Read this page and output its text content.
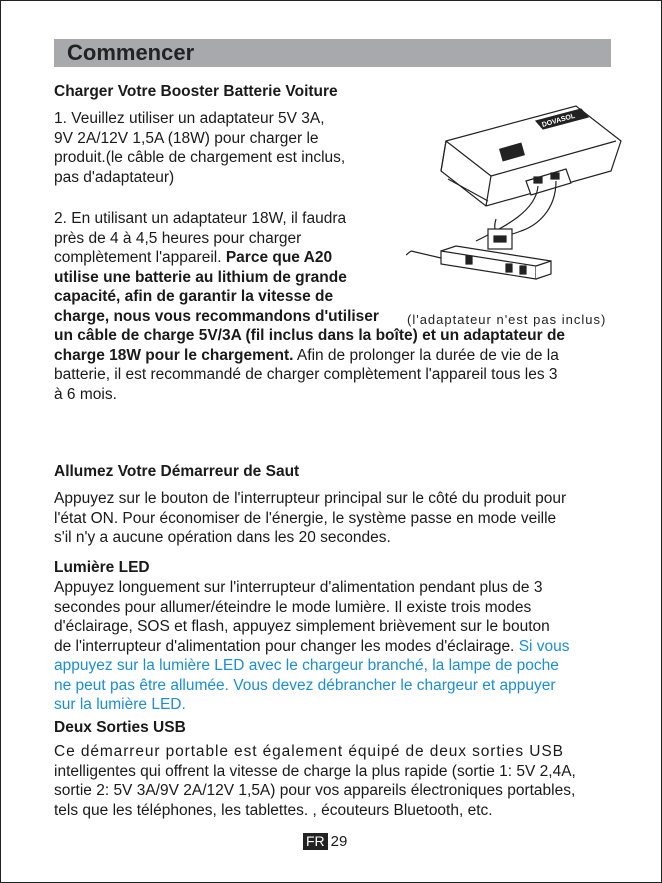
Commencer
Charger Votre Booster Batterie Voiture
1. Veuillez utiliser un adaptateur 5V 3A,
9V 2A/12V 1,5A (18W) pour charger le
produit.(le câble de chargement est inclus,
pas d'adaptateur)
2. En utilisant un adaptateur 18W, il faudra
près de 4 à 4,5 heures pour charger
complètement l'appareil. Parce que A20
utilise une batterie au lithium de grande
capacité, afin de garantir la vitesse de
charge, nous vous recommandons d'utiliser
un câble de charge 5V/3A (fil inclus dans la boîte) et un adaptateur de
charge 18W pour le chargement. Afin de prolonger la durée de vie de la
batterie, il est recommandé de charger complètement l'appareil tous les 3
à 6 mois.
DOVASOL
(l'adaptateur n'est pas inclus)
Allumez Votre Démarreur de Saut
Appuyez sur le bouton de l'interrupteur principal sur le côté du produit pour
l'état ON. Pour économiser de l'énergie, le système passe en mode veille
s'il n'y a aucune opération dans les 20 secondes.
Lumière LED
Appuyez longuement sur l'interrupteur d'alimentation pendant plus de 3
secondes pour allumer/éteindre le mode lumière. Il existe trois modes
d'éclairage, SOS et flash, appuyez simplement brièvement sur le bouton
de l'interrupteur d'alimentation pour changer les modes d'éclairage. Si vous
appuyez sur la lumière LED avec le chargeur branché, la lampe de poche
ne peut pas être allumée. Vous devez débrancher le chargeur et appuyer
sur la lumière LED.
Deux Sorties USB
Ce démarreur portable est également équipé de deux sorties USB
intelligentes qui offrent la vitesse de charge la plus rapide (sortie 1: 5V 2,4A,
sortie 2: 5V 3A/9V 2A/12V 1,5A) pour vos appareils électroniques portables,
tels que les téléphones, les tablettes. , écouteurs Bluetooth, etc.
FR 29
